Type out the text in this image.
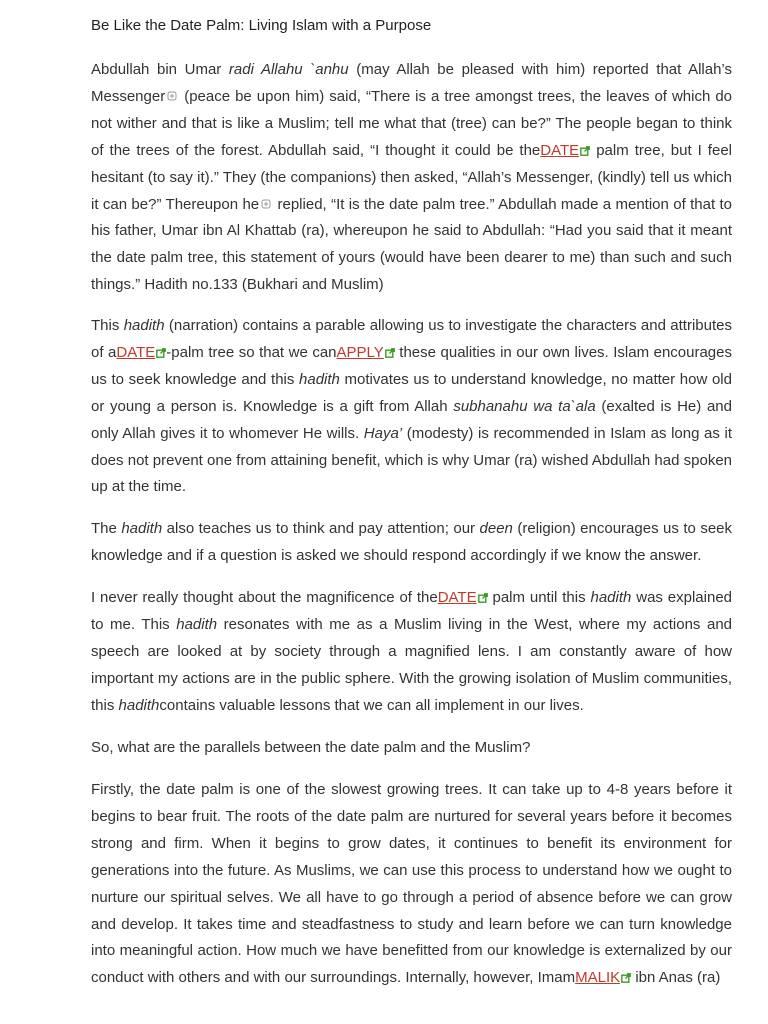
Be Like the Date Palm: Living Islam with a Purpose
Abdullah bin Umar radi Allahu `anhu (may Allah be pleased with him) reported that Allah’s Messenger (peace be upon him) said, “There is a tree amongst trees, the leaves of which do not wither and that is like a Muslim; tell me what that (tree) can be?” The people began to think of the trees of the forest. Abdullah said, “I thought it could be theDATE palm tree, but I feel hesitant (to say it).” They (the companions) then asked, “Allah’s Messenger, (kindly) tell us which it can be?” Thereupon he replied, “It is the date palm tree.” Abdullah made a mention of that to his father, Umar ibn Al Khattab (ra), whereupon he said to Abdullah: “Had you said that it meant the date palm tree, this statement of yours (would have been dearer to me) than such and such things.” Hadith no.133 (Bukhari and Muslim)
This hadith (narration) contains a parable allowing us to investigate the characters and attributes of aDATE -palm tree so that we canAPPLY these qualities in our own lives. Islam encourages us to seek knowledge and this hadith motivates us to understand knowledge, no matter how old or young a person is. Knowledge is a gift from Allah subhanahu wa ta`ala (exalted is He) and only Allah gives it to whomever He wills. Haya’ (modesty) is recommended in Islam as long as it does not prevent one from attaining benefit, which is why Umar (ra) wished Abdullah had spoken up at the time.
The hadith also teaches us to think and pay attention; our deen (religion) encourages us to seek knowledge and if a question is asked we should respond accordingly if we know the answer.
I never really thought about the magnificence of theDATE palm until this hadith was explained to me. This hadith resonates with me as a Muslim living in the West, where my actions and speech are looked at by society through a magnified lens. I am constantly aware of how important my actions are in the public sphere. With the growing isolation of Muslim communities, this hadithcontains valuable lessons that we can all implement in our lives.
So, what are the parallels between the date palm and the Muslim?
Firstly, the date palm is one of the slowest growing trees. It can take up to 4-8 years before it begins to bear fruit. The roots of the date palm are nurtured for several years before it becomes strong and firm. When it begins to grow dates, it continues to benefit its environment for generations into the future. As Muslims, we can use this process to understand how we ought to nurture our spiritual selves. We all have to go through a period of absence before we can grow and develop. It takes time and steadfastness to study and learn before we can turn knowledge into meaningful action. How much we have benefitted from our knowledge is externalized by our conduct with others and with our surroundings. Internally, however, ImamMALIK ibn Anas (ra)
